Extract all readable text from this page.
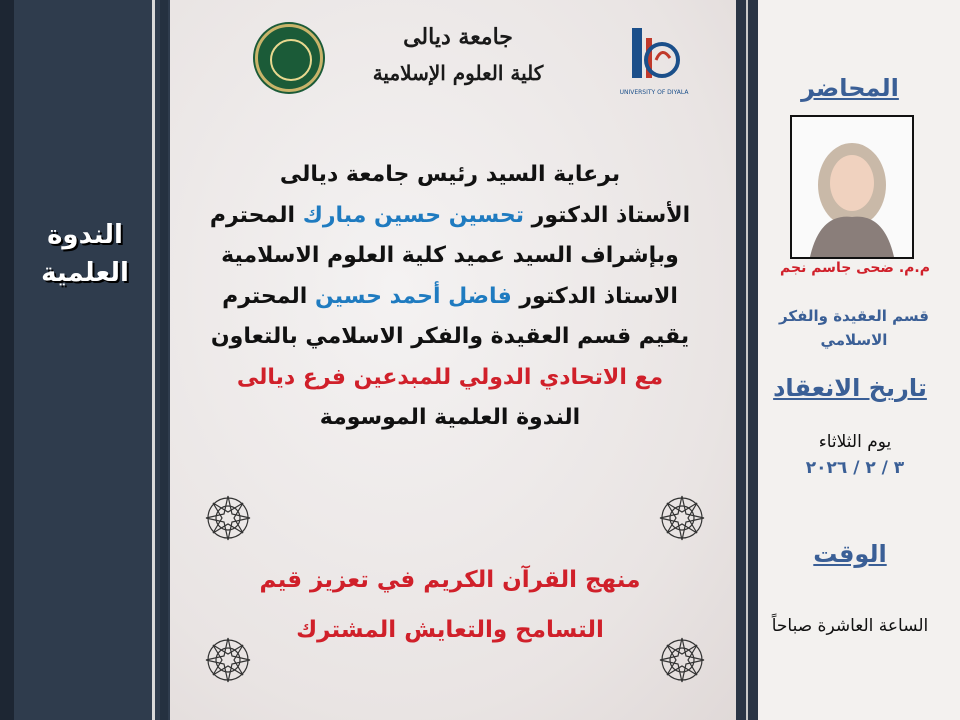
الندوة
العلمية
جامعة ديالى
كلية العلوم الإسلامية
UNIVERSITY OF DIYALA
برعاية السيد رئيس جامعة ديالى
الأستاذ الدكتور تحسين حسين مبارك المحترم
وبإشراف السيد عميد كلية العلوم الاسلامية
الاستاذ الدكتور فاضل أحمد حسين المحترم
يقيم قسم العقيدة والفكر الاسلامي بالتعاون
مع الاتحادي الدولي للمبدعين فرع ديالى
الندوة العلمية الموسومة
منهج القرآن الكريم في تعزيز قيم
التسامح والتعايش المشترك
المحاضر
م.م. ضحى جاسم نجم
قسم العقيدة والفكر الاسلامي
تاريخ الانعقاد
يوم الثلاثاء
٣ / ٢ / ٢٠٢٦
الوقت
الساعة العاشرة صباحاً
